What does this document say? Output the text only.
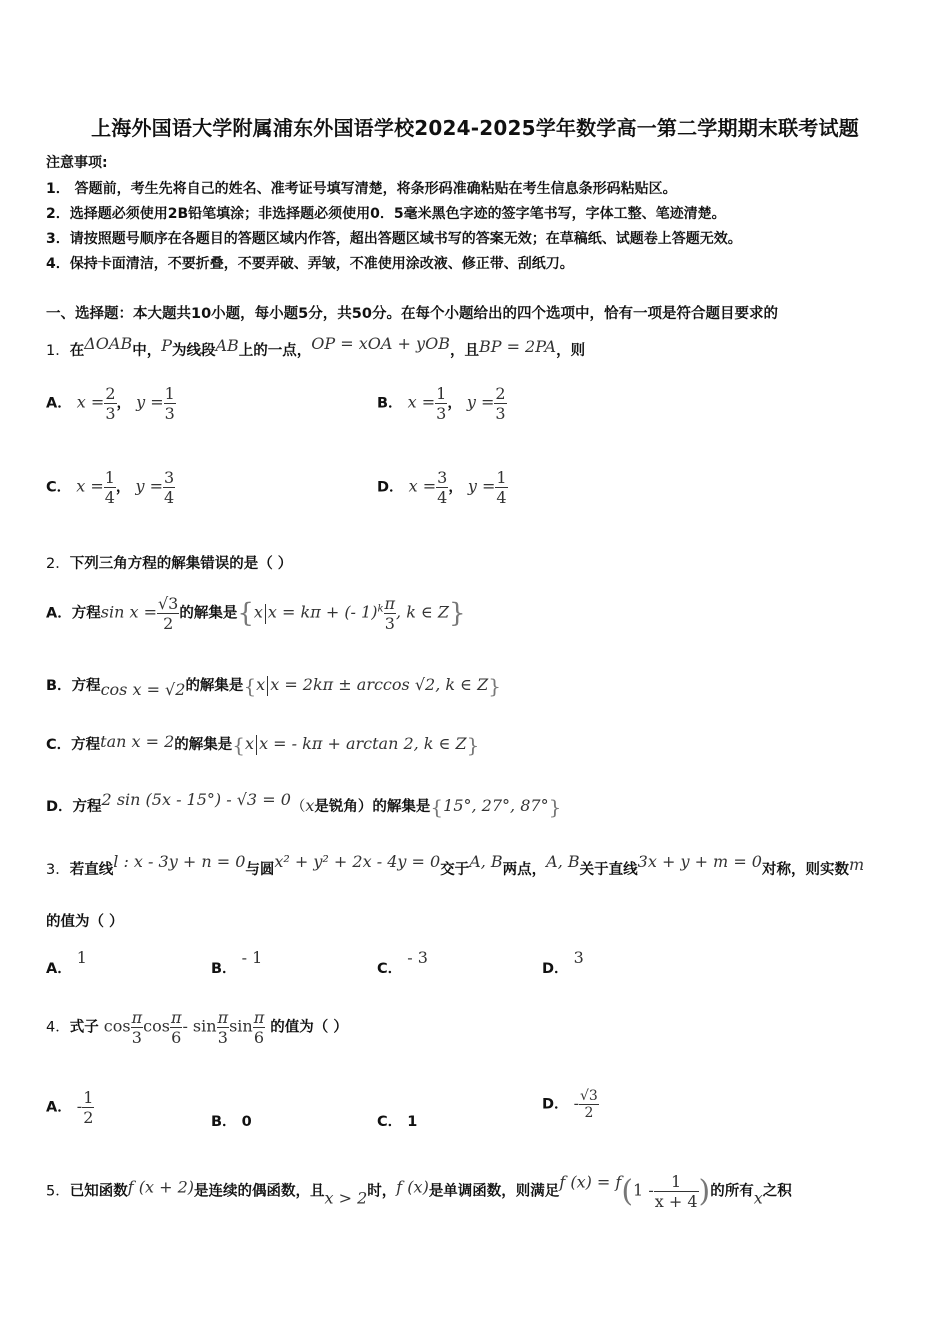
上海外国语大学附属浦东外国语学校2024-2025学年数学高一第二学期期末联考试题
注意事项:
1． 答题前，考生先将自己的姓名、准考证号填写清楚，将条形码准确粘贴在考生信息条形码粘贴区。
2．选择题必须使用2B铅笔填涂；非选择题必须使用0．5毫米黑色字迹的签字笔书写，字体工整、笔迹清楚。
3．请按照题号顺序在各题目的答题区域内作答，超出答题区域书写的答案无效；在草稿纸、试题卷上答题无效。
4．保持卡面清洁，不要折叠，不要弄破、弄皱，不准使用涂改液、修正带、刮纸刀。
一、选择题：本大题共10小题，每小题5分，共50分。在每个小题给出的四个选项中，恰有一项是符合题目要求的
1．在ΔOAB中，P为线段AB上的一点，OP = xOA + yOB，且BP = 2PA，则
A． $x = \frac{2}{3}$ ， $y = \frac{1}{3}$	B． $x = \frac{1}{3}$ ， $y = \frac{2}{3}$
C． $x = \frac{1}{4}$ ， $y = \frac{3}{4}$	D． $x = \frac{3}{4}$ ， $y = \frac{1}{4}$
2．下列三角方程的解集错误的是（ ）
A．方程$\sin x = \frac{√3}{2}$ 的解集是{x x = kπ + (- $1)^k \frac{\pi}{3}$ , k ∈ Z}
B．方程cos x = √2的解集是{x x = 2kπ ± arccos √2, k ∈ Z}
C．方程tan x = 2的解集是{x x = - kπ + arctan 2, k ∈ Z}
D．方程2 sin (5x - 15°) - √3 = 0（x是锐角）的解集是{15°, 27°, 87°}
3．若直线l : x - 3y + n = 0与圆x² + y² + 2x - 4y = 0交于A, B两点，A, B关于直线3x + y + m = 0对称，则实数m
的值为（ ）
A． 1
B． - 1
C． - 3
D． 3
4．式子 $\cos \frac{\pi}{3}$ $\cos \frac{\pi}{6}$ - $\sin \frac{\pi}{3}$ $\sin \frac{\pi}{6}$ 的值为（ ）
A． - $\frac{1}{2}$	B． 0	C． 1
D． - $\frac{√3}{2}$
5．已知函数f (x + 2)是连续的偶函数，且x > 2时，f (x)是单调函数，则满足f $(x) = f(1 - \frac{1}{x + 4}$ )的所有x之积
